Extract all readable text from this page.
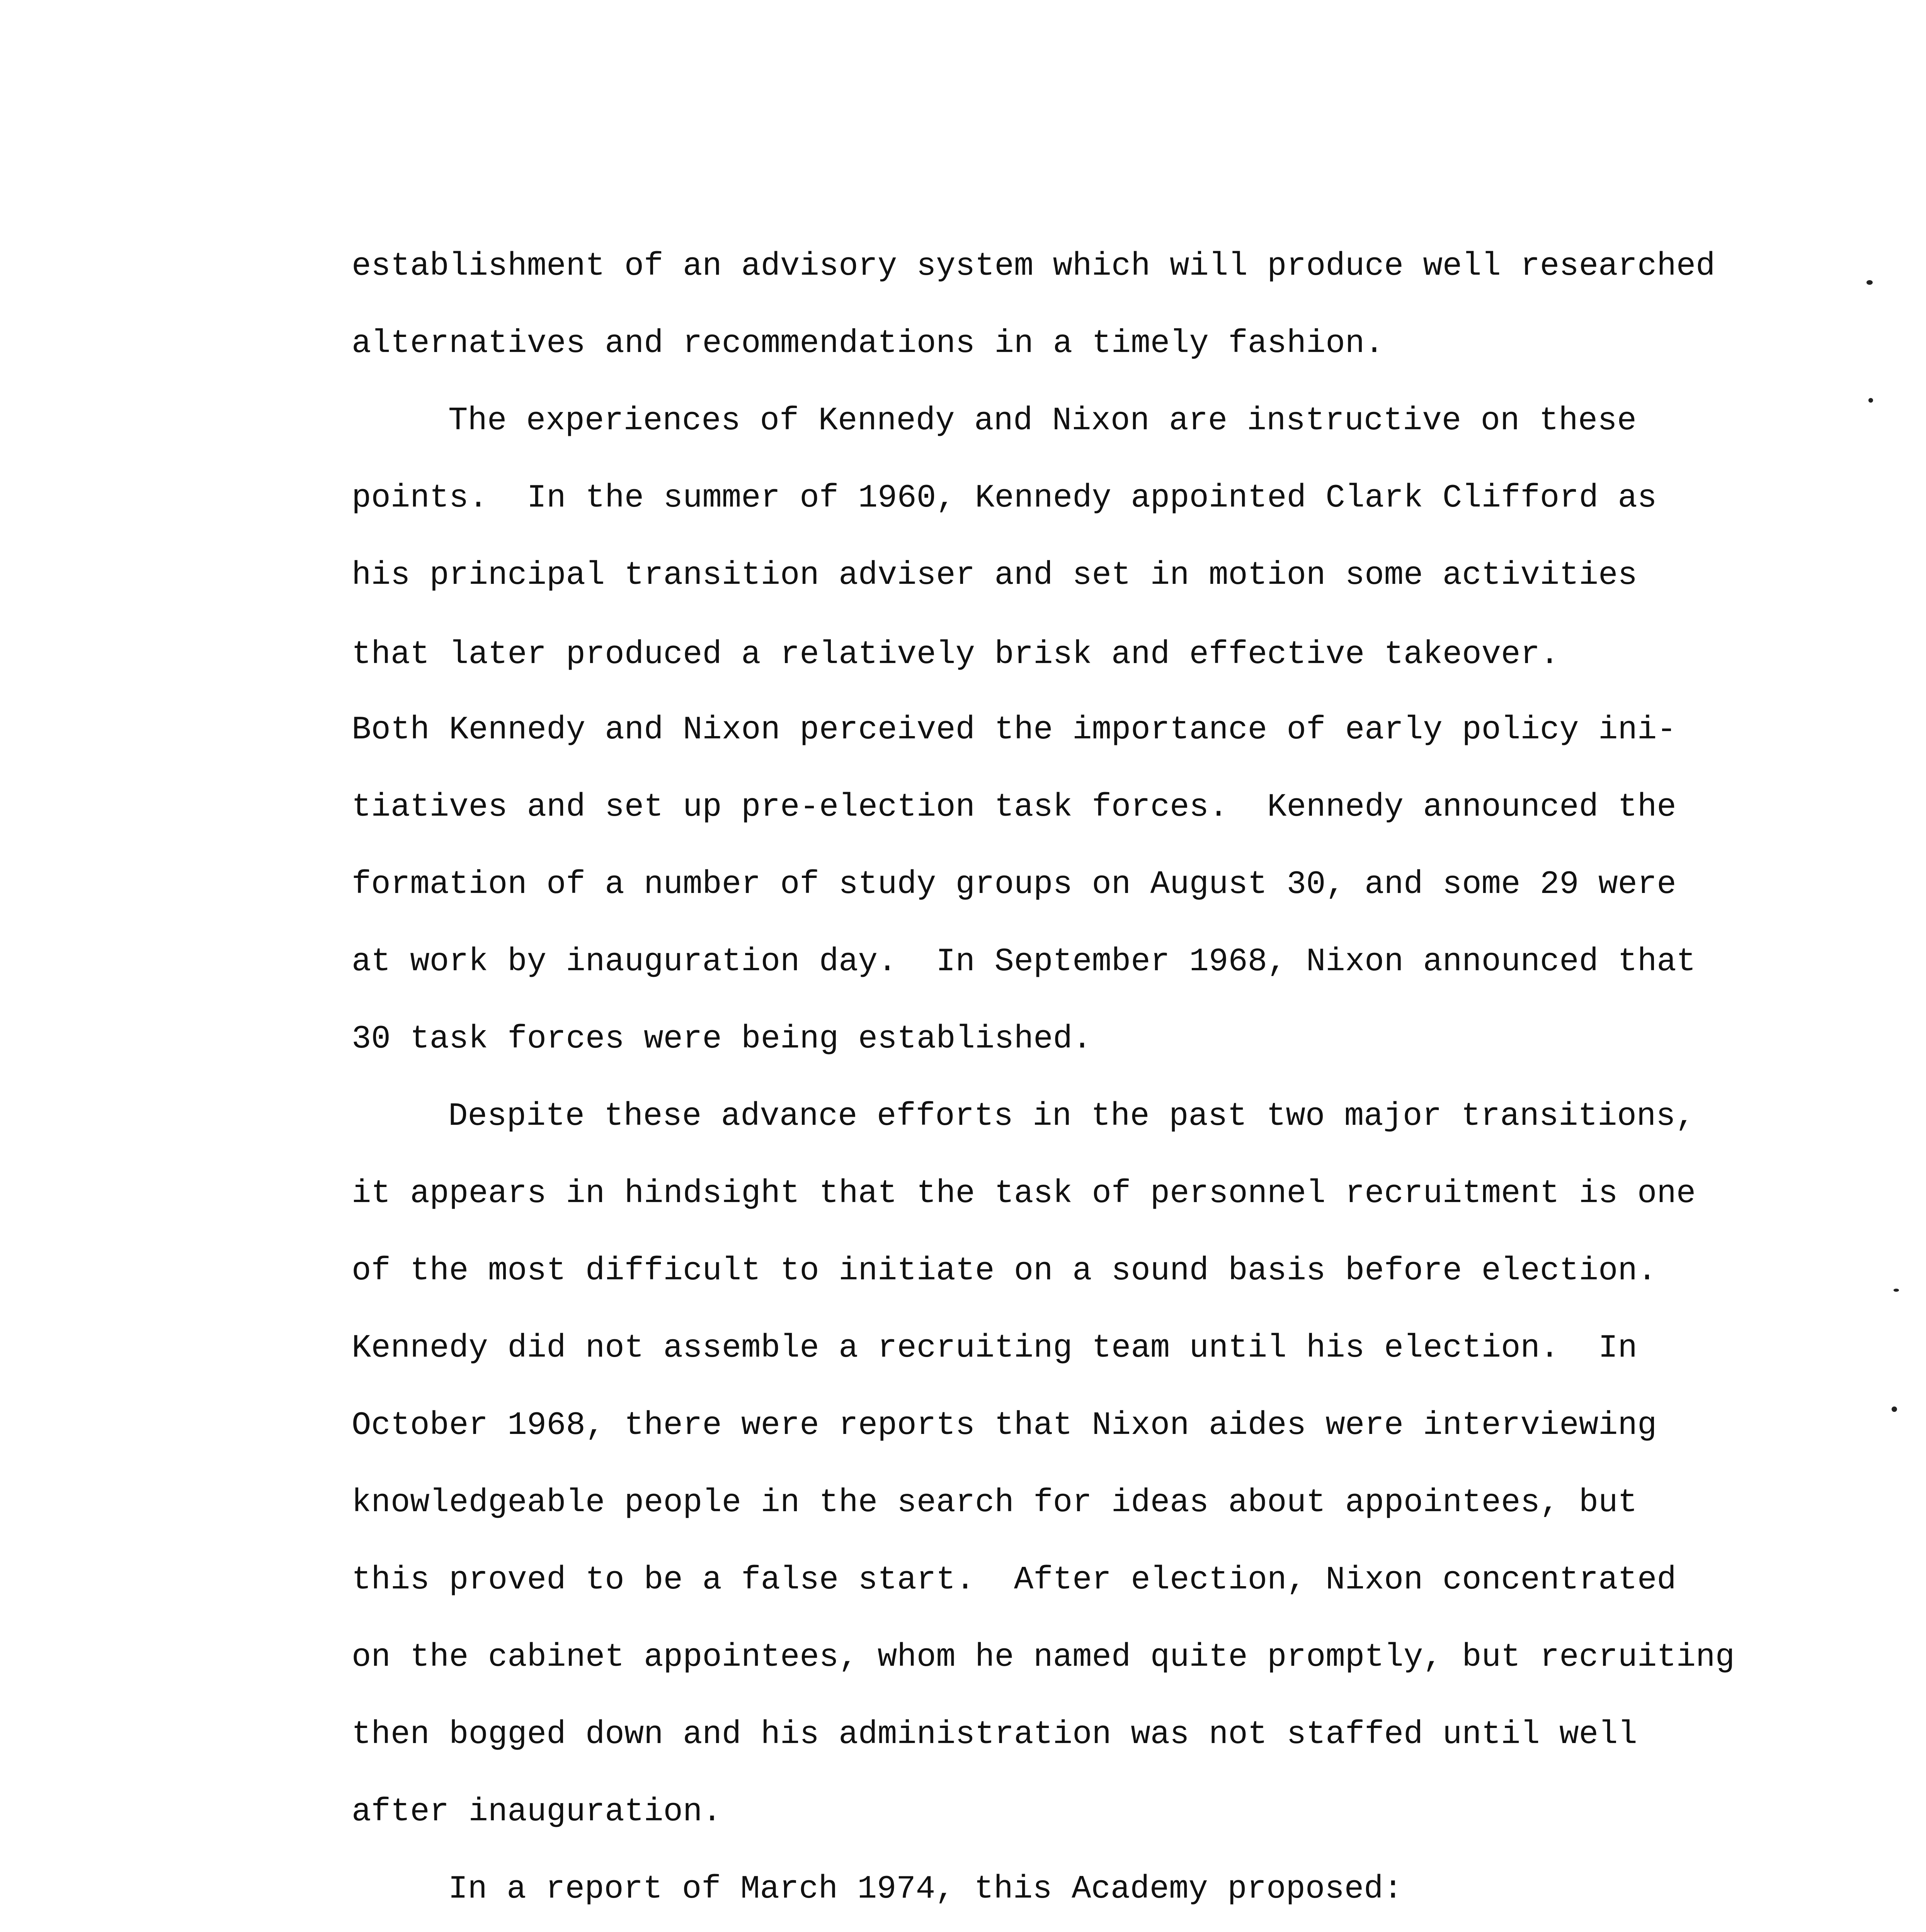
establishment of an advisory system which will produce well researched
alternatives and recommendations in a timely fashion.
The experiences of Kennedy and Nixon are instructive on these
points.  In the summer of 1960, Kennedy appointed Clark Clifford as
his principal transition adviser and set in motion some activities
that later produced a relatively brisk and effective takeover.
Both Kennedy and Nixon perceived the importance of early policy ini-
tiatives and set up pre-election task forces.  Kennedy announced the
formation of a number of study groups on August 30, and some 29 were
at work by inauguration day.  In September 1968, Nixon announced that
30 task forces were being established.
Despite these advance efforts in the past two major transitions,
it appears in hindsight that the task of personnel recruitment is one
of the most difficult to initiate on a sound basis before election.
Kennedy did not assemble a recruiting team until his election.  In
October 1968, there were reports that Nixon aides were interviewing
knowledgeable people in the search for ideas about appointees, but
this proved to be a false start.  After election, Nixon concentrated
on the cabinet appointees, whom he named quite promptly, but recruiting
then bogged down and his administration was not staffed until well
after inauguration.
In a report of March 1974, this Academy proposed:
